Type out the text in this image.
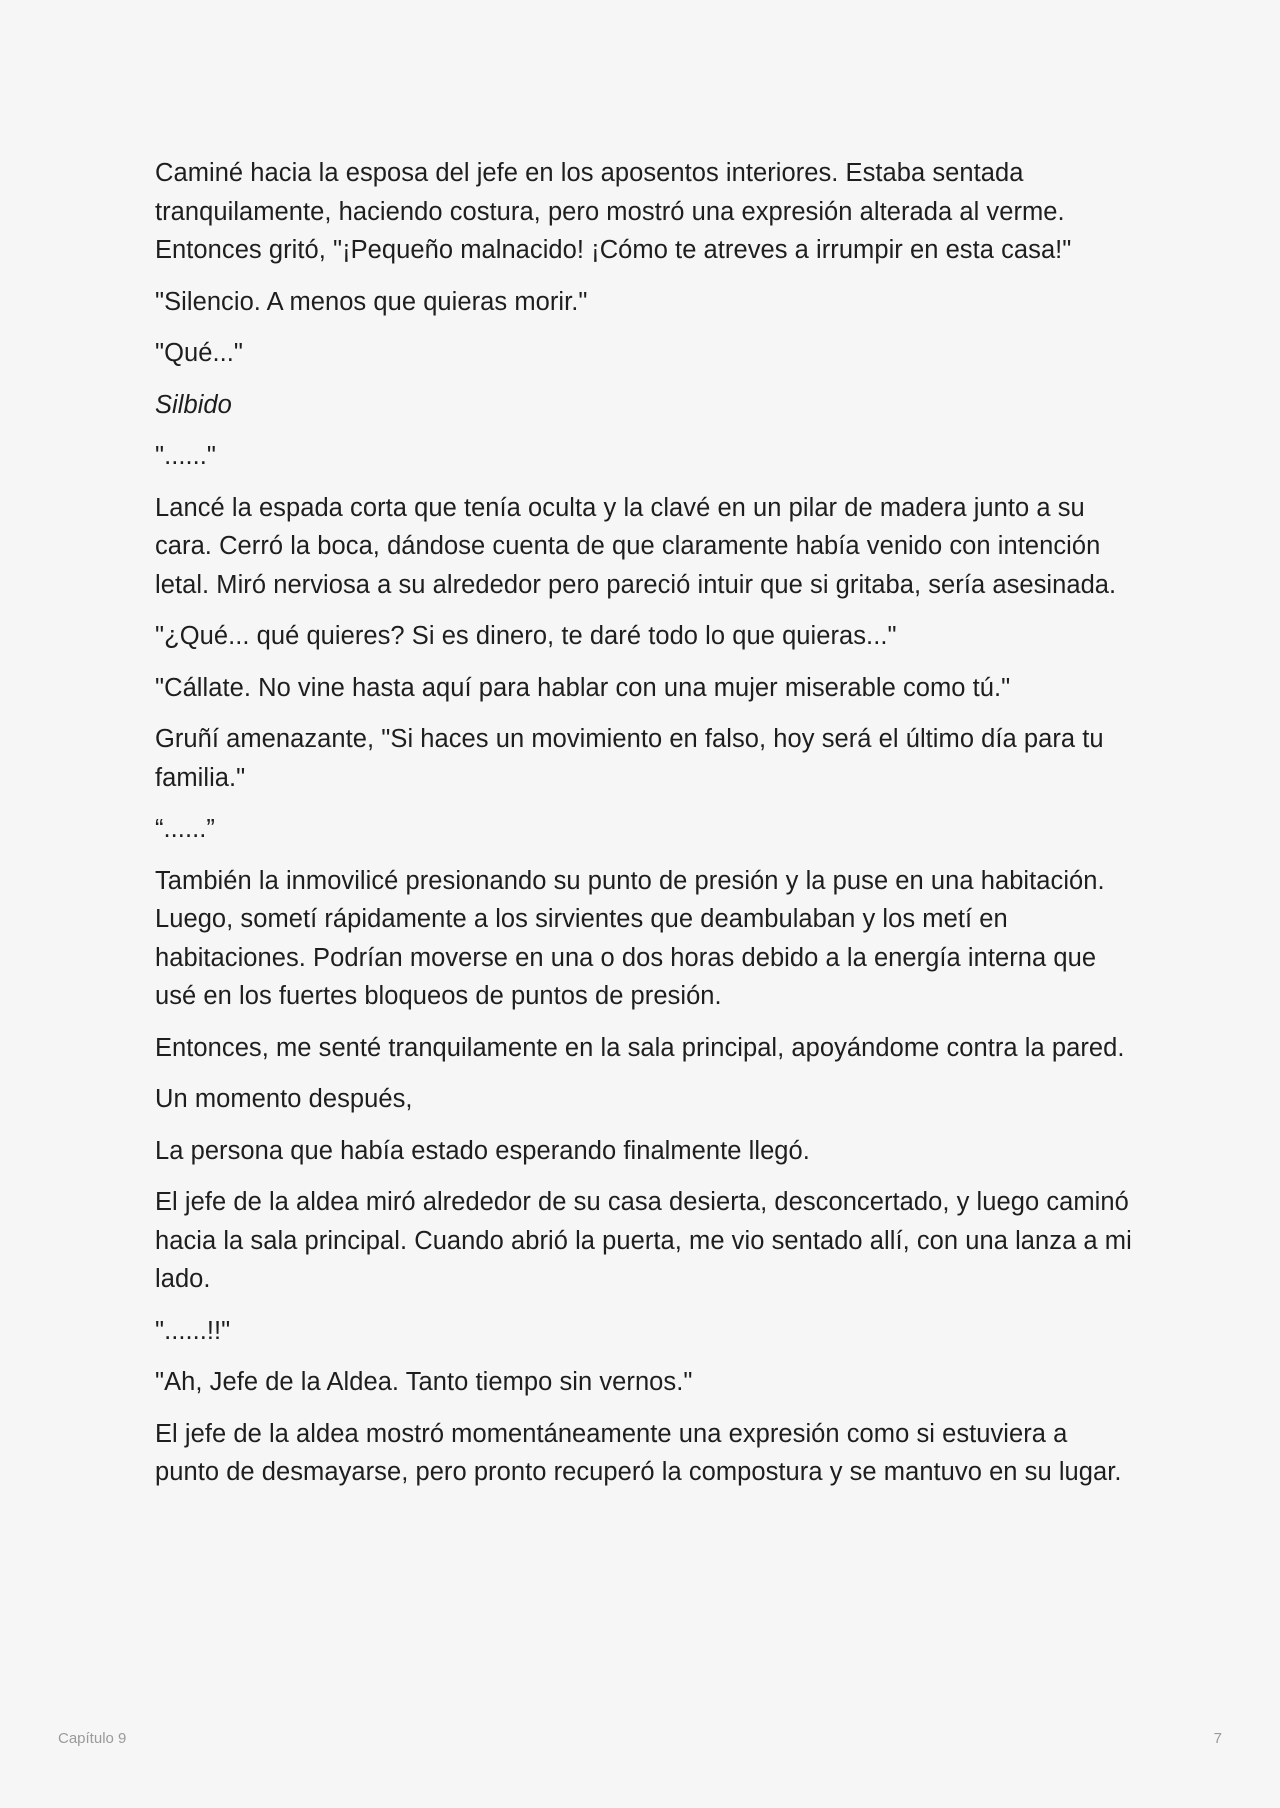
Caminé hacia la esposa del jefe en los aposentos interiores. Estaba sentada tranquilamente, haciendo costura, pero mostró una expresión alterada al verme. Entonces gritó, "¡Pequeño malnacido! ¡Cómo te atreves a irrumpir en esta casa!"

"Silencio. A menos que quieras morir."

"Qué..."

Silbido

"......"

Lancé la espada corta que tenía oculta y la clavé en un pilar de madera junto a su cara. Cerró la boca, dándose cuenta de que claramente había venido con intención letal. Miró nerviosa a su alrededor pero pareció intuir que si gritaba, sería asesinada.

"¿Qué... qué quieres? Si es dinero, te daré todo lo que quieras..."

"Cállate. No vine hasta aquí para hablar con una mujer miserable como tú."

Gruñí amenazante, "Si haces un movimiento en falso, hoy será el último día para tu familia."

“......”

También la inmovilicé presionando su punto de presión y la puse en una habitación. Luego, sometí rápidamente a los sirvientes que deambulaban y los metí en habitaciones. Podrían moverse en una o dos horas debido a la energía interna que usé en los fuertes bloqueos de puntos de presión.

Entonces, me senté tranquilamente en la sala principal, apoyándome contra la pared.

Un momento después,

La persona que había estado esperando finalmente llegó.

El jefe de la aldea miró alrededor de su casa desierta, desconcertado, y luego caminó hacia la sala principal. Cuando abrió la puerta, me vio sentado allí, con una lanza a mi lado.

"......!!"

"Ah, Jefe de la Aldea. Tanto tiempo sin vernos."

El jefe de la aldea mostró momentáneamente una expresión como si estuviera a punto de desmayarse, pero pronto recuperó la compostura y se mantuvo en su lugar.

Capítulo 9	7
